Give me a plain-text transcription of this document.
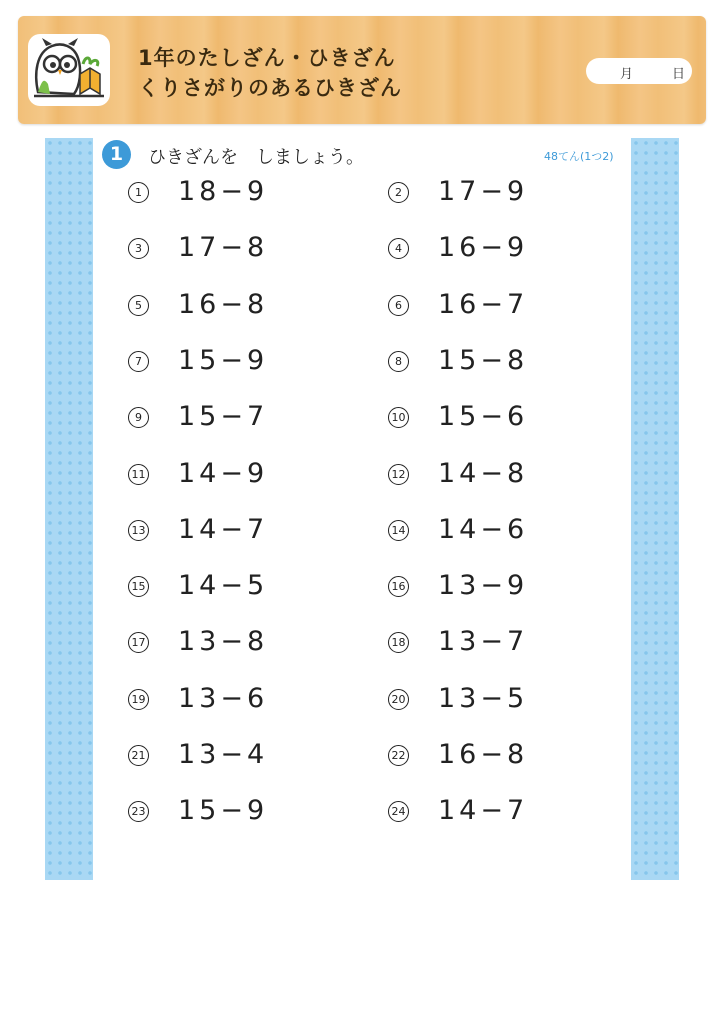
1年のたしざん・ひきざん
くりさがりのあるひきざん
月	日
1	ひきざんを　しましょう。	48てん(1つ2)
1 18−9	2 17−9
3 17−8	4 16−9
5 16−8	6 16−7
7 15−9	8 15−8
9 15−7	10 15−6
11 14−9	12 14−8
13 14−7	14 14−6
15 14−5	16 13−9
17 13−8	18 13−7
19 13−6	20 13−5
21 13−4	22 16−8
23 15−9	24 14−7
